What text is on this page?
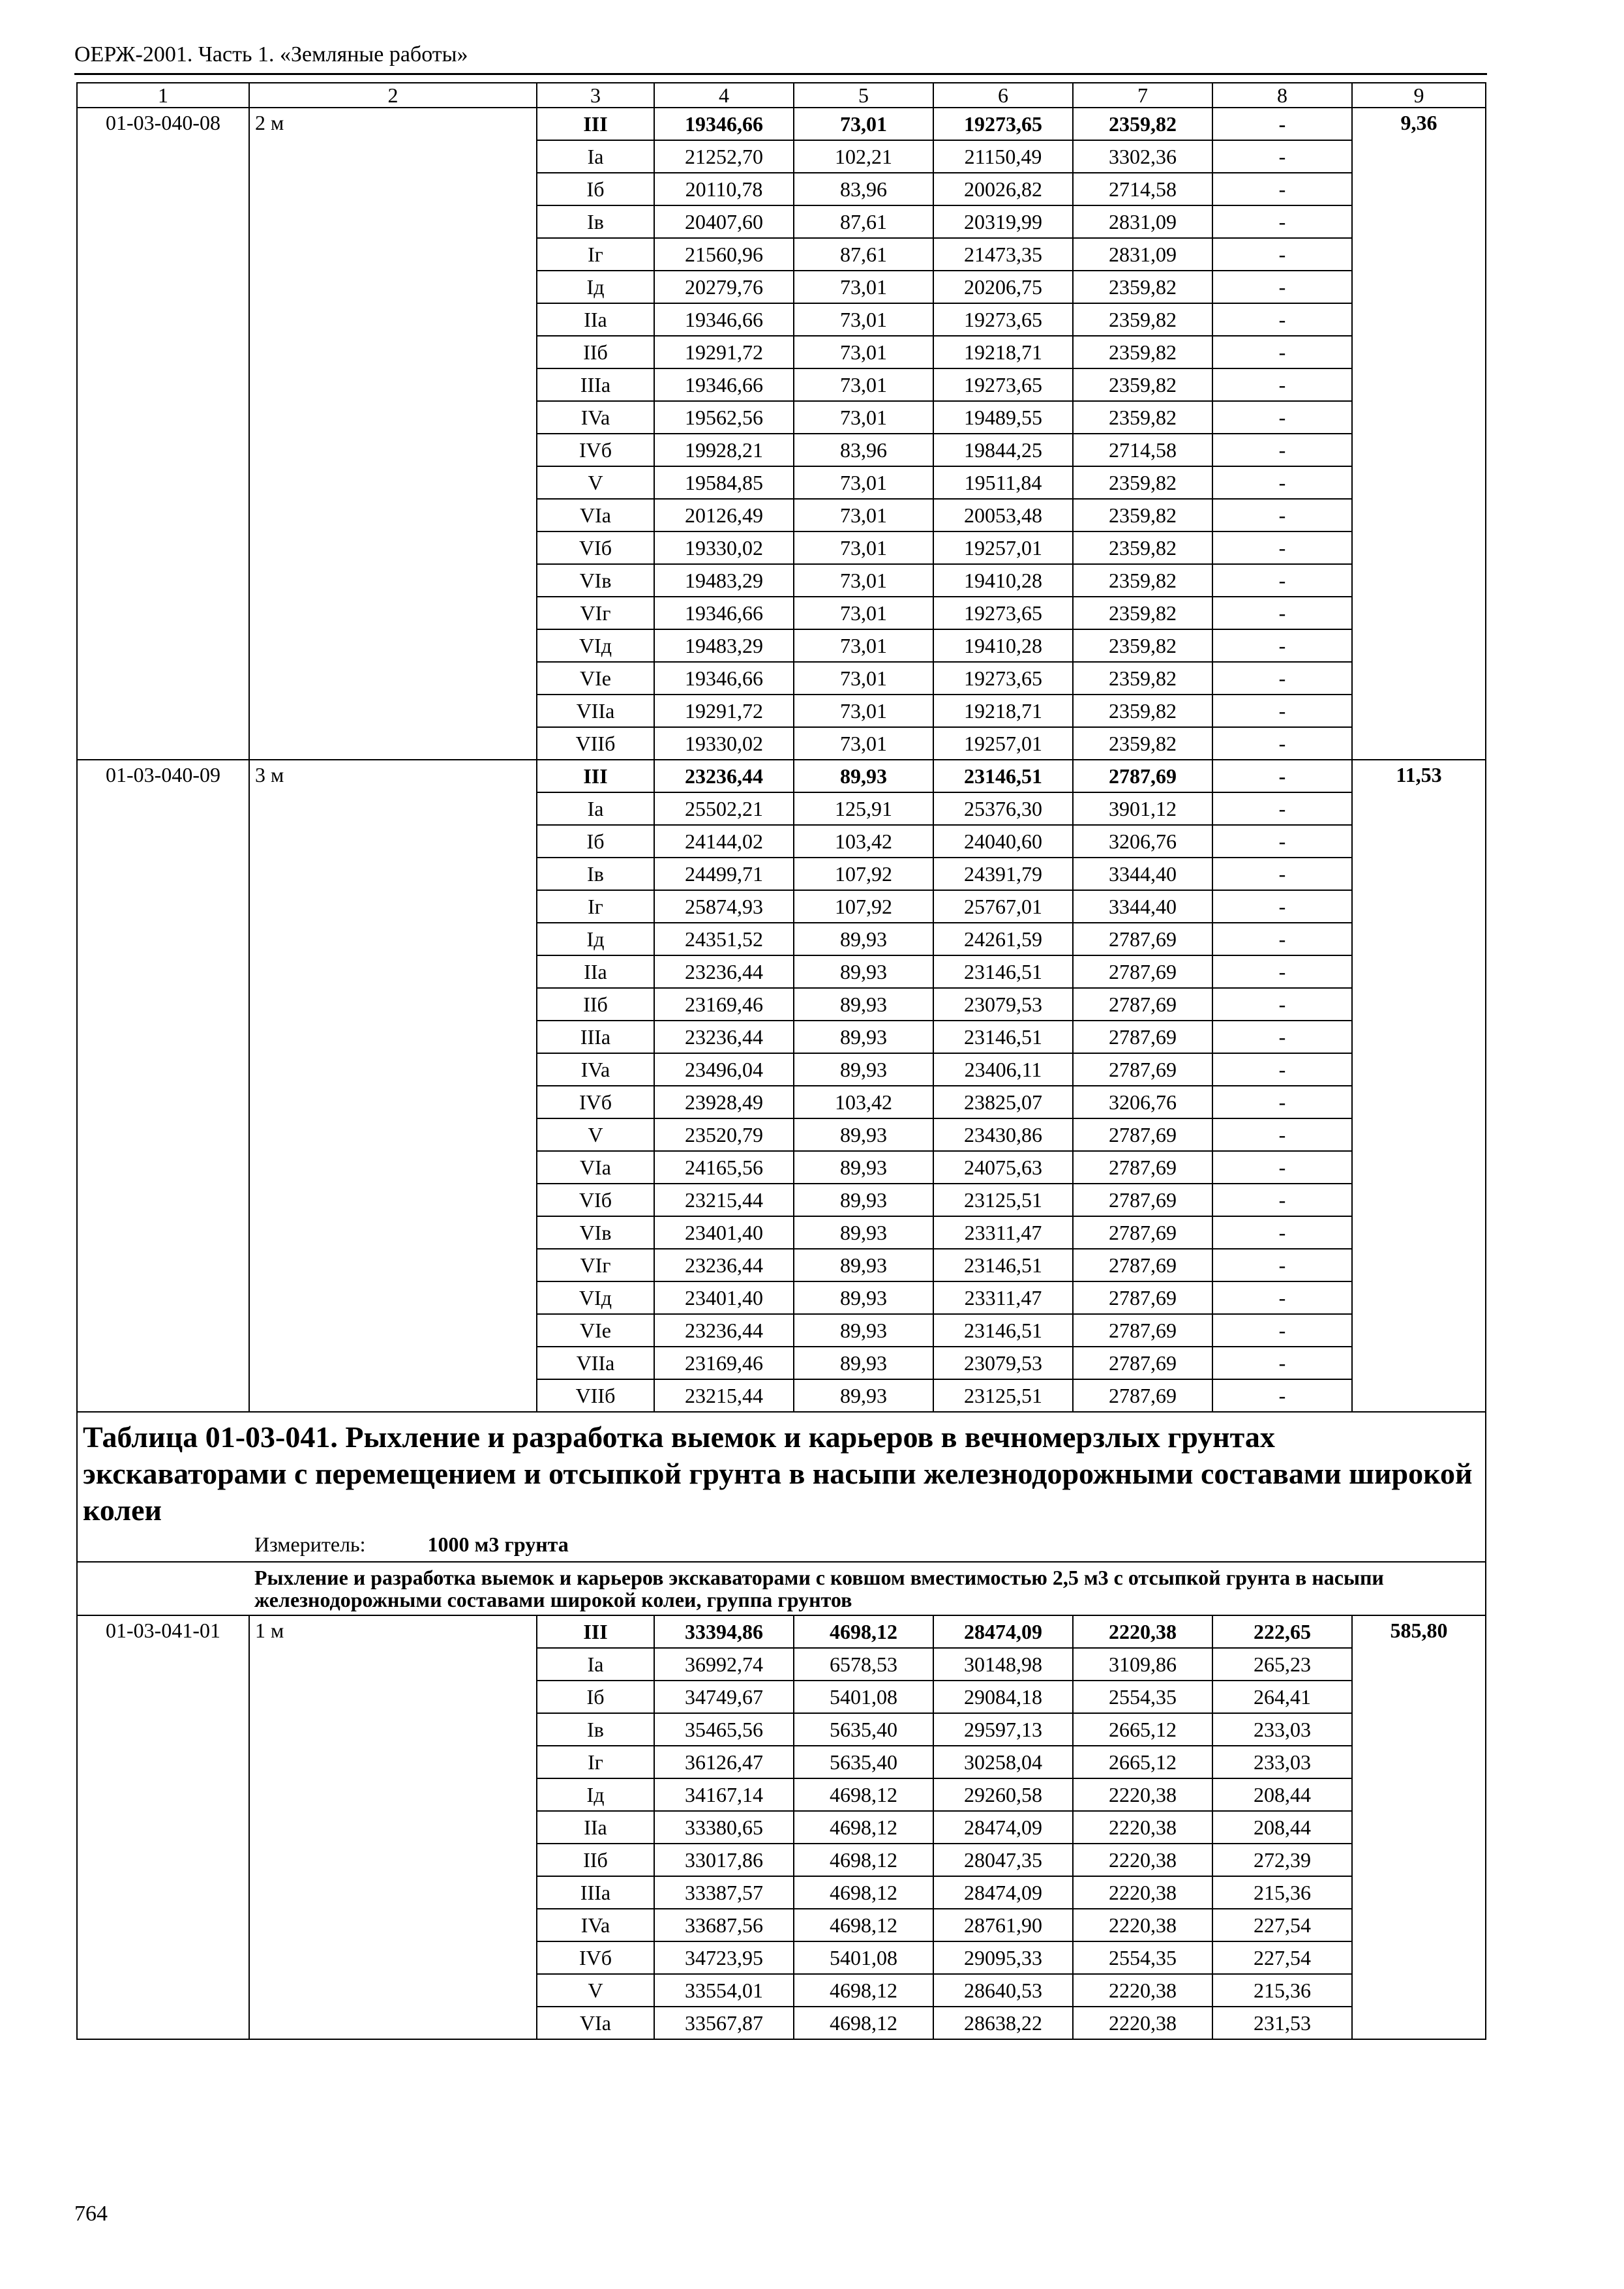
ОЕРЖ-2001. Часть 1. «Земляные работы»
1	2	3	4	5	6	7	8	9
01-03-040-08	2 м	III	19346,66	73,01	19273,65	2359,82	-	9,36
		Ia	21252,70	102,21	21150,49	3302,36	-	
		Iб	20110,78	83,96	20026,82	2714,58	-	
		Iв	20407,60	87,61	20319,99	2831,09	-	
		Iг	21560,96	87,61	21473,35	2831,09	-	
		Iд	20279,76	73,01	20206,75	2359,82	-	
		IIa	19346,66	73,01	19273,65	2359,82	-	
		IIб	19291,72	73,01	19218,71	2359,82	-	
		IIIa	19346,66	73,01	19273,65	2359,82	-	
		IVa	19562,56	73,01	19489,55	2359,82	-	
		IVб	19928,21	83,96	19844,25	2714,58	-	
		V	19584,85	73,01	19511,84	2359,82	-	
		VIa	20126,49	73,01	20053,48	2359,82	-	
		VIб	19330,02	73,01	19257,01	2359,82	-	
		VIв	19483,29	73,01	19410,28	2359,82	-	
		VIг	19346,66	73,01	19273,65	2359,82	-	
		VIд	19483,29	73,01	19410,28	2359,82	-	
		VIе	19346,66	73,01	19273,65	2359,82	-	
		VIIa	19291,72	73,01	19218,71	2359,82	-	
		VIIб	19330,02	73,01	19257,01	2359,82	-	
01-03-040-09	3 м	III	23236,44	89,93	23146,51	2787,69	-	11,53
		Ia	25502,21	125,91	25376,30	3901,12	-	
		Iб	24144,02	103,42	24040,60	3206,76	-	
		Iв	24499,71	107,92	24391,79	3344,40	-	
		Iг	25874,93	107,92	25767,01	3344,40	-	
		Iд	24351,52	89,93	24261,59	2787,69	-	
		IIa	23236,44	89,93	23146,51	2787,69	-	
		IIб	23169,46	89,93	23079,53	2787,69	-	
		IIIa	23236,44	89,93	23146,51	2787,69	-	
		IVa	23496,04	89,93	23406,11	2787,69	-	
		IVб	23928,49	103,42	23825,07	3206,76	-	
		V	23520,79	89,93	23430,86	2787,69	-	
		VIa	24165,56	89,93	24075,63	2787,69	-	
		VIб	23215,44	89,93	23125,51	2787,69	-	
		VIв	23401,40	89,93	23311,47	2787,69	-	
		VIг	23236,44	89,93	23146,51	2787,69	-	
		VIд	23401,40	89,93	23311,47	2787,69	-	
		VIе	23236,44	89,93	23146,51	2787,69	-	
		VIIa	23169,46	89,93	23079,53	2787,69	-	
		VIIб	23215,44	89,93	23125,51	2787,69	-	

Таблица 01-03-041. Рыхление и разработка выемок и карьеров в вечномерзлых грунтах экскаваторами с перемещением и отсыпкой грунта в насыпи железнодорожными составами широкой колеи
Измеритель: 1000 м3 грунта								

Рыхление и разработка выемок и карьеров экскаваторами с ковшом вместимостью 2,5 м3 с отсыпкой грунта в насыпи железнодорожными составами широкой колеи, группа грунтов								
01-03-041-01	1 м	III	33394,86	4698,12	28474,09	2220,38	222,65	585,80
		Ia	36992,74	6578,53	30148,98	3109,86	265,23	
		Iб	34749,67	5401,08	29084,18	2554,35	264,41	
		Iв	35465,56	5635,40	29597,13	2665,12	233,03	
		Iг	36126,47	5635,40	30258,04	2665,12	233,03	
		Iд	34167,14	4698,12	29260,58	2220,38	208,44	
		IIa	33380,65	4698,12	28474,09	2220,38	208,44	
		IIб	33017,86	4698,12	28047,35	2220,38	272,39	
		IIIa	33387,57	4698,12	28474,09	2220,38	215,36	
		IVa	33687,56	4698,12	28761,90	2220,38	227,54	
		IVб	34723,95	5401,08	29095,33	2554,35	227,54	
		V	33554,01	4698,12	28640,53	2220,38	215,36	
		VIa	33567,87	4698,12	28638,22	2220,38	231,53	
764
